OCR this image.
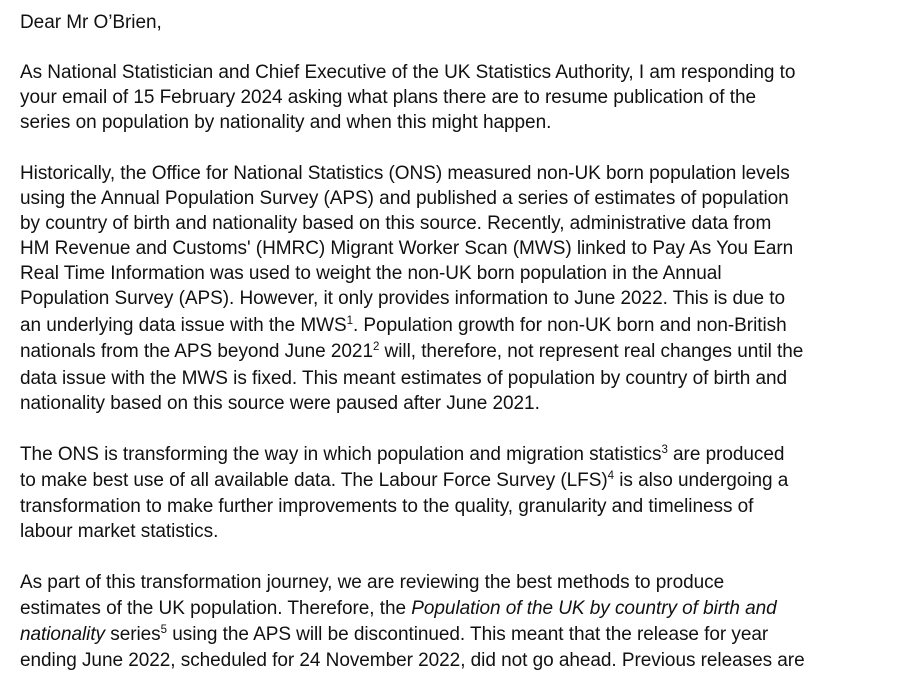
Dear Mr O’Brien,

As National Statistician and Chief Executive of the UK Statistics Authority, I am responding to

your email of 15 February 2024 asking what plans there are to resume publication of the

series on population by nationality and when this might happen.

Historically, the Office for National Statistics (ONS) measured non-UK born population levels

using the Annual Population Survey (APS) and published a series of estimates of population

by country of birth and nationality based on this source. Recently, administrative data from

HM Revenue and Customs' (HMRC) Migrant Worker Scan (MWS) linked to Pay As You Earn

Real Time Information was used to weight the non-UK born population in the Annual

Population Survey (APS). However, it only provides information to June 2022. This is due to

an underlying data issue with the MWS$^1$. Population growth for non-UK born and non-British

nationals from the APS beyond June 2021$^2$ will, therefore, not represent real changes until the

data issue with the MWS is fixed. This meant estimates of population by country of birth and

nationality based on this source were paused after June 2021.

The ONS is transforming the way in which population and migration statistics$^3$ are produced

to make best use of all available data. The Labour Force Survey (LFS)$^4$ is also undergoing a

transformation to make further improvements to the quality, granularity and timeliness of

labour market statistics.

As part of this transformation journey, we are reviewing the best methods to produce

estimates of the UK population. Therefore, the Population of the UK by country of birth and

nationality series$^5$ using the APS will be discontinued. This meant that the release for year

ending June 2022, scheduled for 24 November 2022, did not go ahead. Previous releases are
